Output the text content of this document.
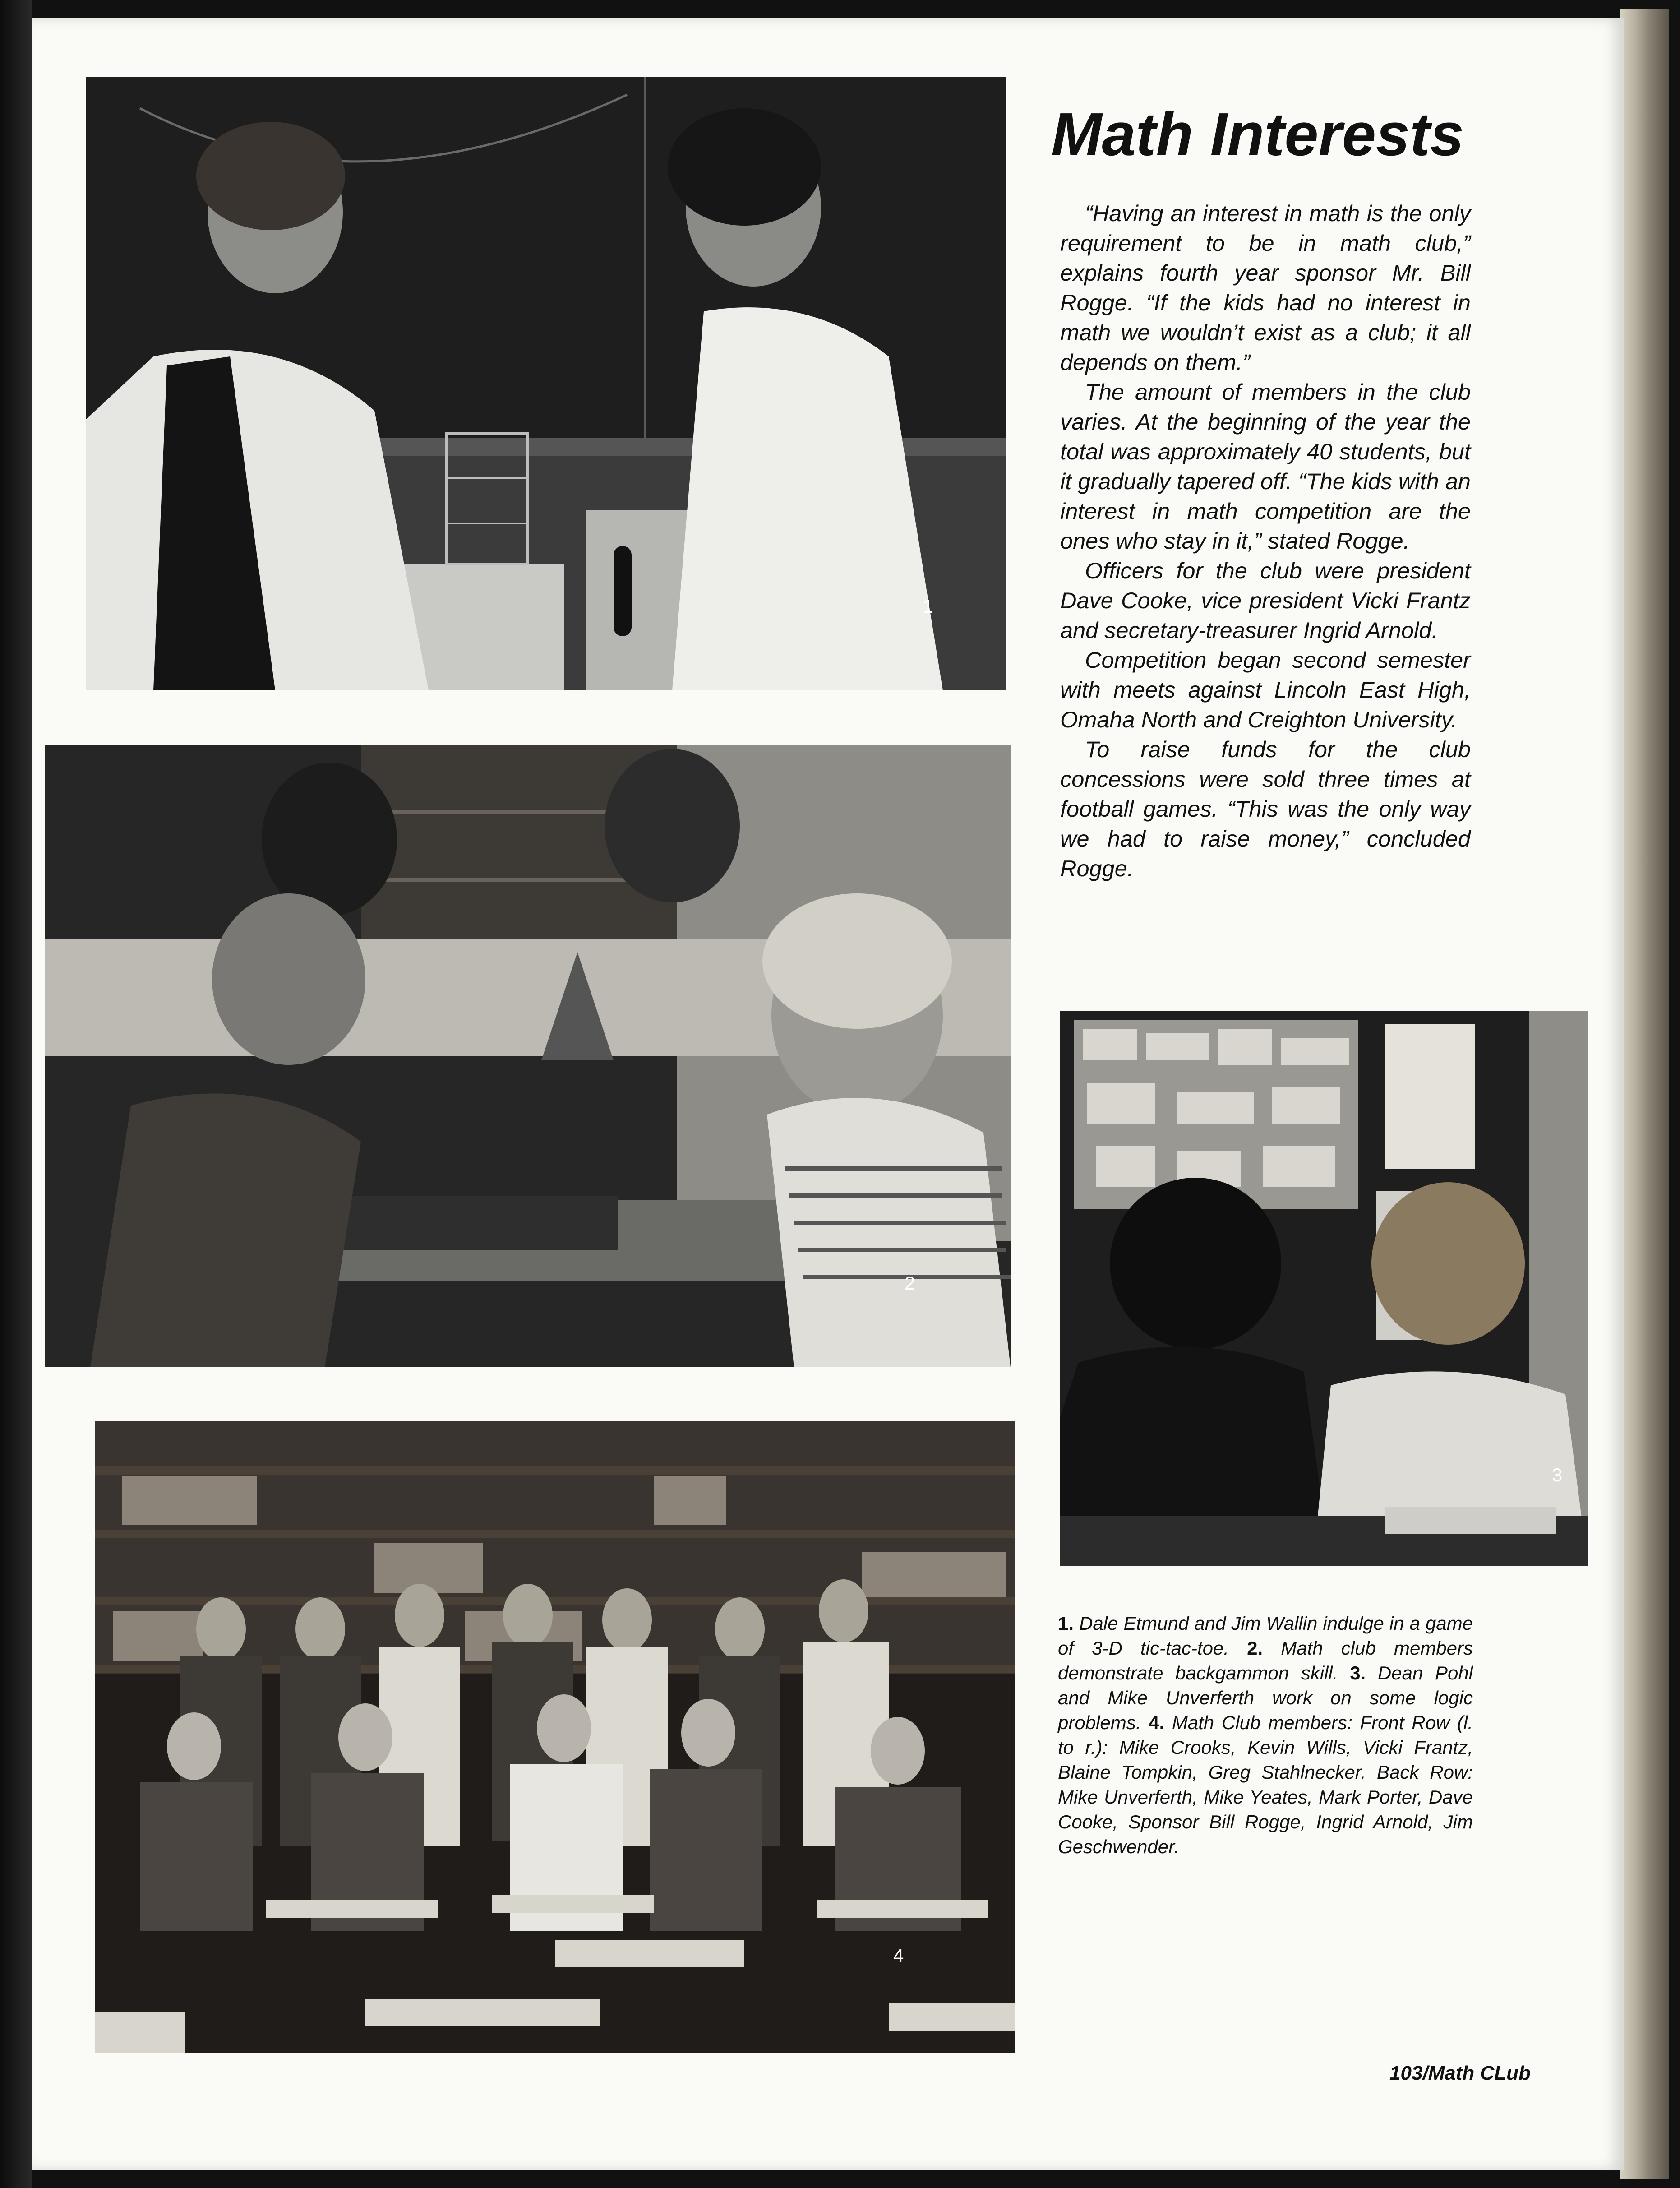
1
2
3
4
Math Interests

“Having an interest in math is the only requirement to be in math club,” explains fourth year sponsor Mr. Bill Rogge. “If the kids had no interest in math we wouldn’t exist as a club; it all depends on them.”

The amount of members in the club varies. At the beginning of the year the total was approximately 40 students, but it gradually tapered off. “The kids with an interest in math competition are the ones who stay in it,” stated Rogge.

Officers for the club were president Dave Cooke, vice president Vicki Frantz and secretary-treasurer Ingrid Arnold.

Competition began second semester with meets against Lincoln East High, Omaha North and Creighton University.

To raise funds for the club concessions were sold three times at football games. “This was the only way we had to raise money,” concluded Rogge.

1. Dale Etmund and Jim Wallin indulge in a game of 3-D tic-tac-toe. 2. Math club members demonstrate backgammon skill. 3. Dean Pohl and Mike Unverferth work on some logic problems. 4. Math Club members: Front Row (l. to r.): Mike Crooks, Kevin Wills, Vicki Frantz, Blaine Tompkin, Greg Stahlnecker. Back Row: Mike Unverferth, Mike Yeates, Mark Porter, Dave Cooke, Sponsor Bill Rogge, Ingrid Arnold, Jim Geschwender.
103/Math CLub
